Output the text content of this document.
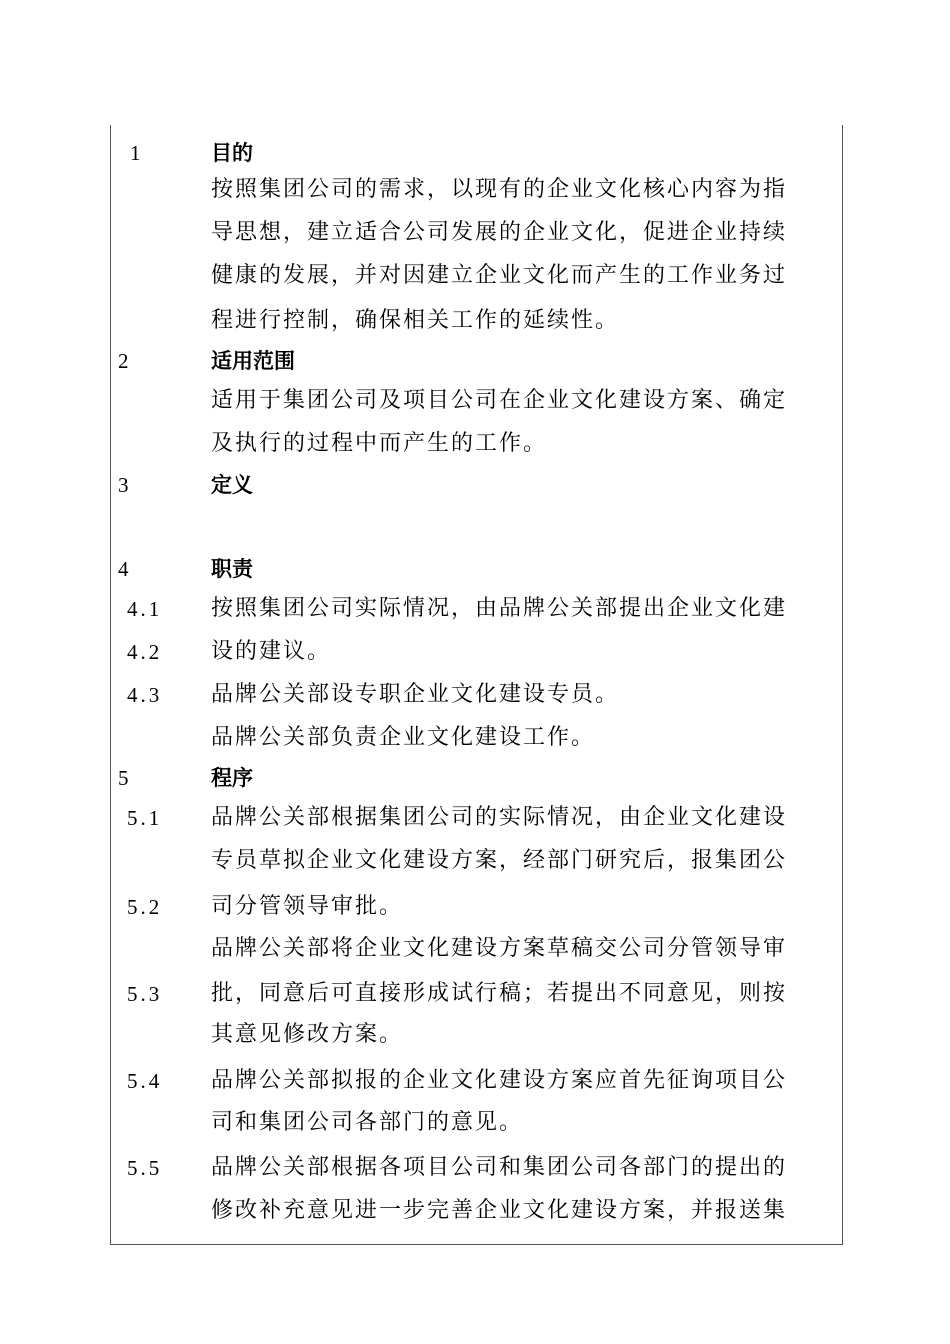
1	目的
按照集团公司的需求，以现有的企业文化核心内容为指
导思想，建立适合公司发展的企业文化，促进企业持续
健康的发展，并对因建立企业文化而产生的工作业务过
程进行控制，确保相关工作的延续性。
2	适用范围
适用于集团公司及项目公司在企业文化建设方案、确定
及执行的过程中而产生的工作。
3	定义
4	职责
4.1 按照集团公司实际情况，由品牌公关部提出企业文化建
4.2 设的建议。
4.3 品牌公关部设专职企业文化建设专员。
品牌公关部负责企业文化建设工作。
5	程序
5.1 品牌公关部根据集团公司的实际情况，由企业文化建设
专员草拟企业文化建设方案，经部门研究后，报集团公
5.2 司分管领导审批。
品牌公关部将企业文化建设方案草稿交公司分管领导审
5.3 批，同意后可直接形成试行稿；若提出不同意见，则按
其意见修改方案。
5.4 品牌公关部拟报的企业文化建设方案应首先征询项目公
司和集团公司各部门的意见。
5.5 品牌公关部根据各项目公司和集团公司各部门的提出的
修改补充意见进一步完善企业文化建设方案，并报送集
